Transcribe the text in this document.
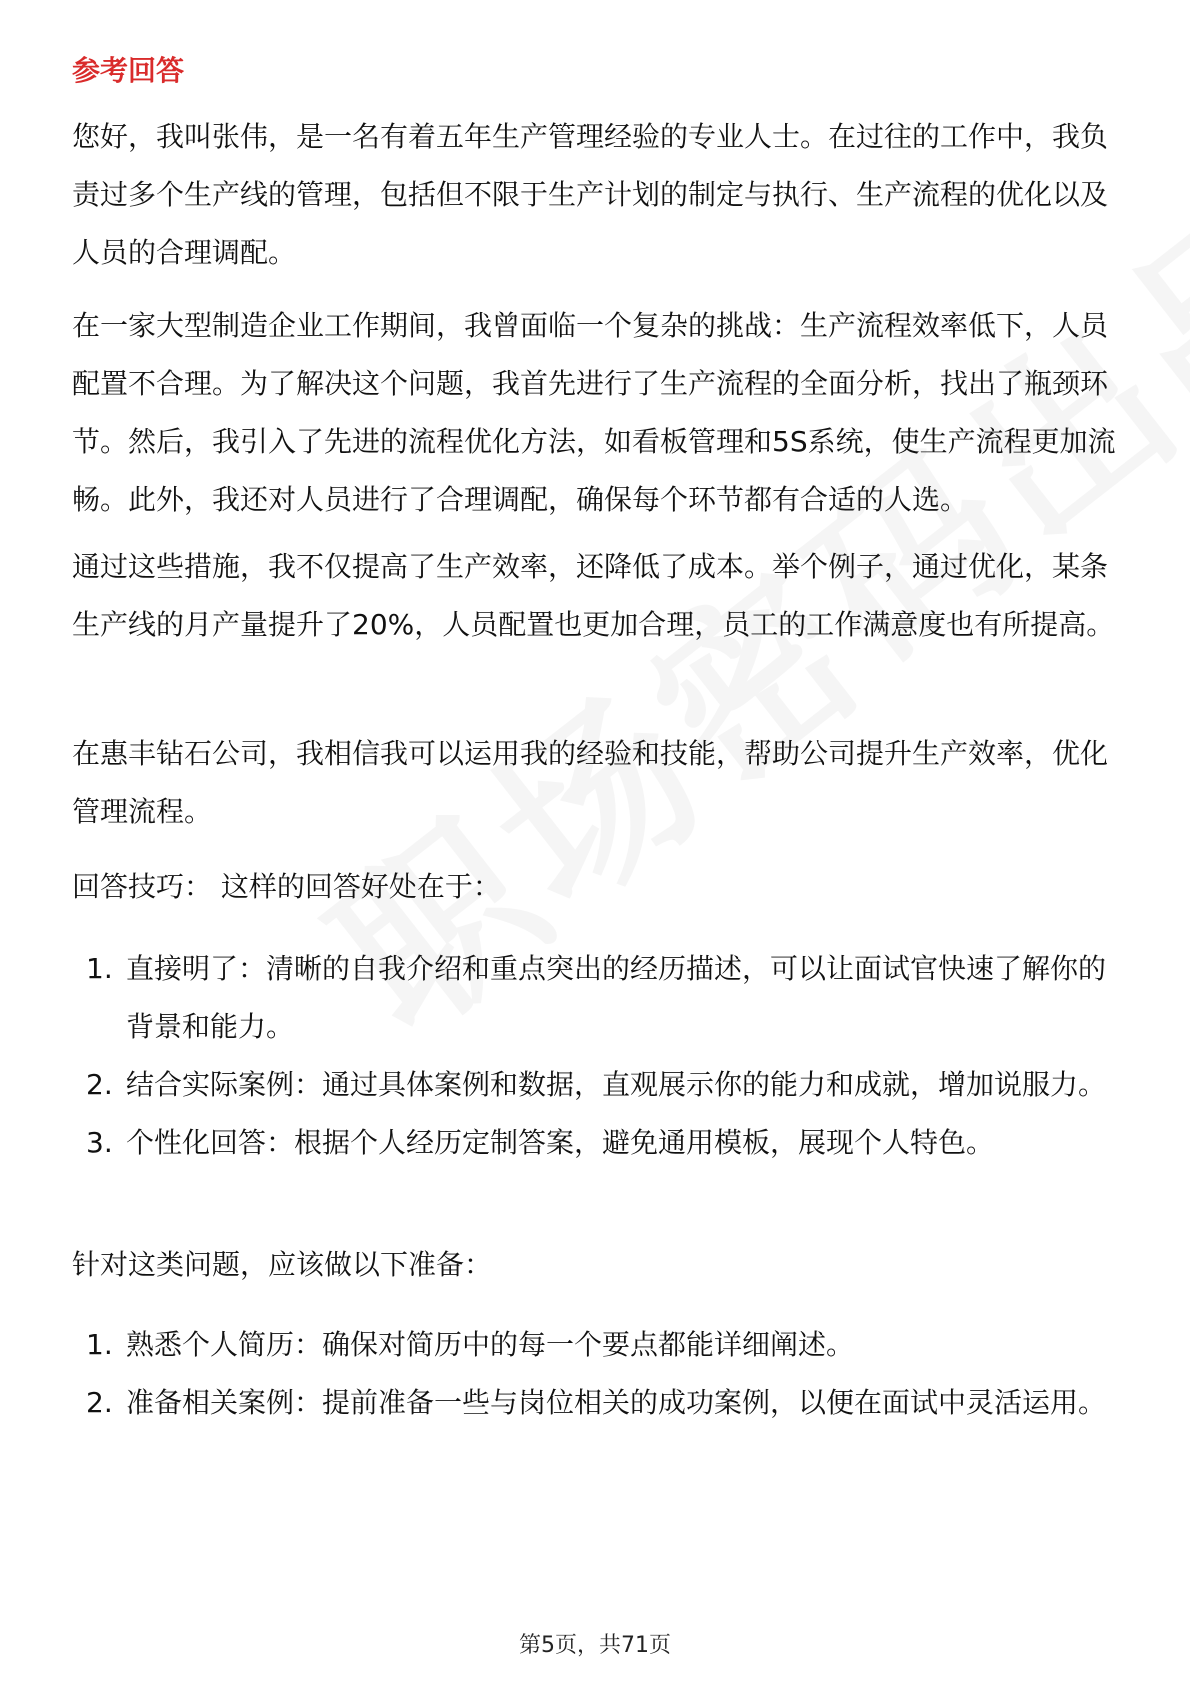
参考回答

您好，我叫张伟，是一名有着五年生产管理经验的专业人士。在过往的工作中，我负责过多个生产线的管理，包括但不限于生产计划的制定与执行、生产流程的优化以及人员的合理调配。

在一家大型制造企业工作期间，我曾面临一个复杂的挑战：生产流程效率低下，人员配置不合理。为了解决这个问题，我首先进行了生产流程的全面分析，找出了瓶颈环节。然后，我引入了先进的流程优化方法，如看板管理和5S系统，使生产流程更加流畅。此外，我还对人员进行了合理调配，确保每个环节都有合适的人选。

通过这些措施，我不仅提高了生产效率，还降低了成本。举个例子，通过优化，某条生产线的月产量提升了20%，人员配置也更加合理，员工的工作满意度也有所提高。

在惠丰钻石公司，我相信我可以运用我的经验和技能，帮助公司提升生产效率，优化管理流程。

回答技巧： 这样的回答好处在于：

1. 直接明了：清晰的自我介绍和重点突出的经历描述，可以让面试官快速了解你的背景和能力。
2. 结合实际案例：通过具体案例和数据，直观展示你的能力和成就，增加说服力。
3. 个性化回答：根据个人经历定制答案，避免通用模板，展现个人特色。

针对这类问题，应该做以下准备：

1. 熟悉个人简历：确保对简历中的每一个要点都能详细阐述。
2. 准备相关案例：提前准备一些与岗位相关的成功案例，以便在面试中灵活运用。
第5页，共71页
